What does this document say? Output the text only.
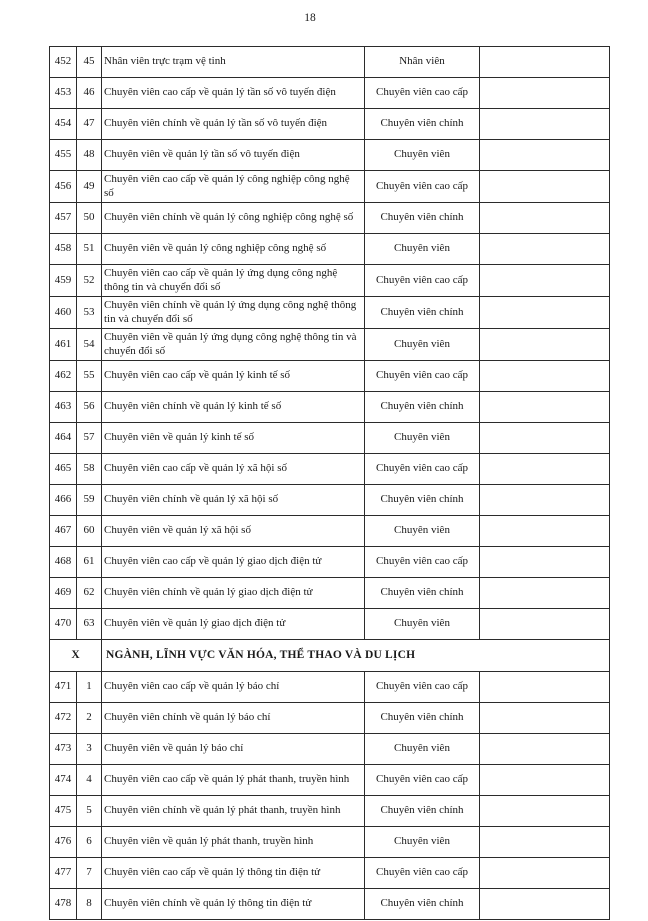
18
452	45	Nhân viên trực trạm vệ tinh	Nhân viên	
453	46	Chuyên viên cao cấp về quản lý tần số vô tuyến điện	Chuyên viên cao cấp	
454	47	Chuyên viên chính về quản lý tần số vô tuyến điện	Chuyên viên chính	
455	48	Chuyên viên về quản lý tần số vô tuyến điện	Chuyên viên	
456	49	Chuyên viên cao cấp về quản lý công nghiệp công nghệ số	Chuyên viên cao cấp	
457	50	Chuyên viên chính về quản lý công nghiệp công nghệ số	Chuyên viên chính	
458	51	Chuyên viên về quản lý công nghiệp công nghệ số	Chuyên viên	
459	52	Chuyên viên cao cấp về quản lý ứng dụng công nghệ thông tin và chuyển đổi số	Chuyên viên cao cấp	
460	53	Chuyên viên chính về quản lý ứng dụng công nghệ thông tin và chuyển đổi số	Chuyên viên chính	
461	54	Chuyên viên về quản lý ứng dụng công nghệ thông tin và chuyển đổi số	Chuyên viên	
462	55	Chuyên viên cao cấp về quản lý kinh tế số	Chuyên viên cao cấp	
463	56	Chuyên viên chính về quản lý kinh tế số	Chuyên viên chính	
464	57	Chuyên viên về quản lý kinh tế số	Chuyên viên	
465	58	Chuyên viên cao cấp về quản lý xã hội số	Chuyên viên cao cấp	
466	59	Chuyên viên chính về quản lý xã hội số	Chuyên viên chính	
467	60	Chuyên viên về quản lý xã hội số	Chuyên viên	
468	61	Chuyên viên cao cấp về quản lý giao dịch điện tử	Chuyên viên cao cấp	
469	62	Chuyên viên chính về quản lý giao dịch điện tử	Chuyên viên chính	
470	63	Chuyên viên về quản lý giao dịch điện tử	Chuyên viên	
X		NGÀNH, LĨNH VỰC VĂN HÓA, THỂ THAO VÀ DU LỊCH		
471	1	Chuyên viên cao cấp về quản lý báo chí	Chuyên viên cao cấp	
472	2	Chuyên viên chính về quản lý báo chí	Chuyên viên chính	
473	3	Chuyên viên về quản lý báo chí	Chuyên viên	
474	4	Chuyên viên cao cấp về quản lý phát thanh, truyền hình	Chuyên viên cao cấp	
475	5	Chuyên viên chính về quản lý phát thanh, truyền hình	Chuyên viên chính	
476	6	Chuyên viên về quản lý phát thanh, truyền hình	Chuyên viên	
477	7	Chuyên viên cao cấp về quản lý thông tin điện tử	Chuyên viên cao cấp	
478	8	Chuyên viên chính về quản lý thông tin điện tử	Chuyên viên chính	
